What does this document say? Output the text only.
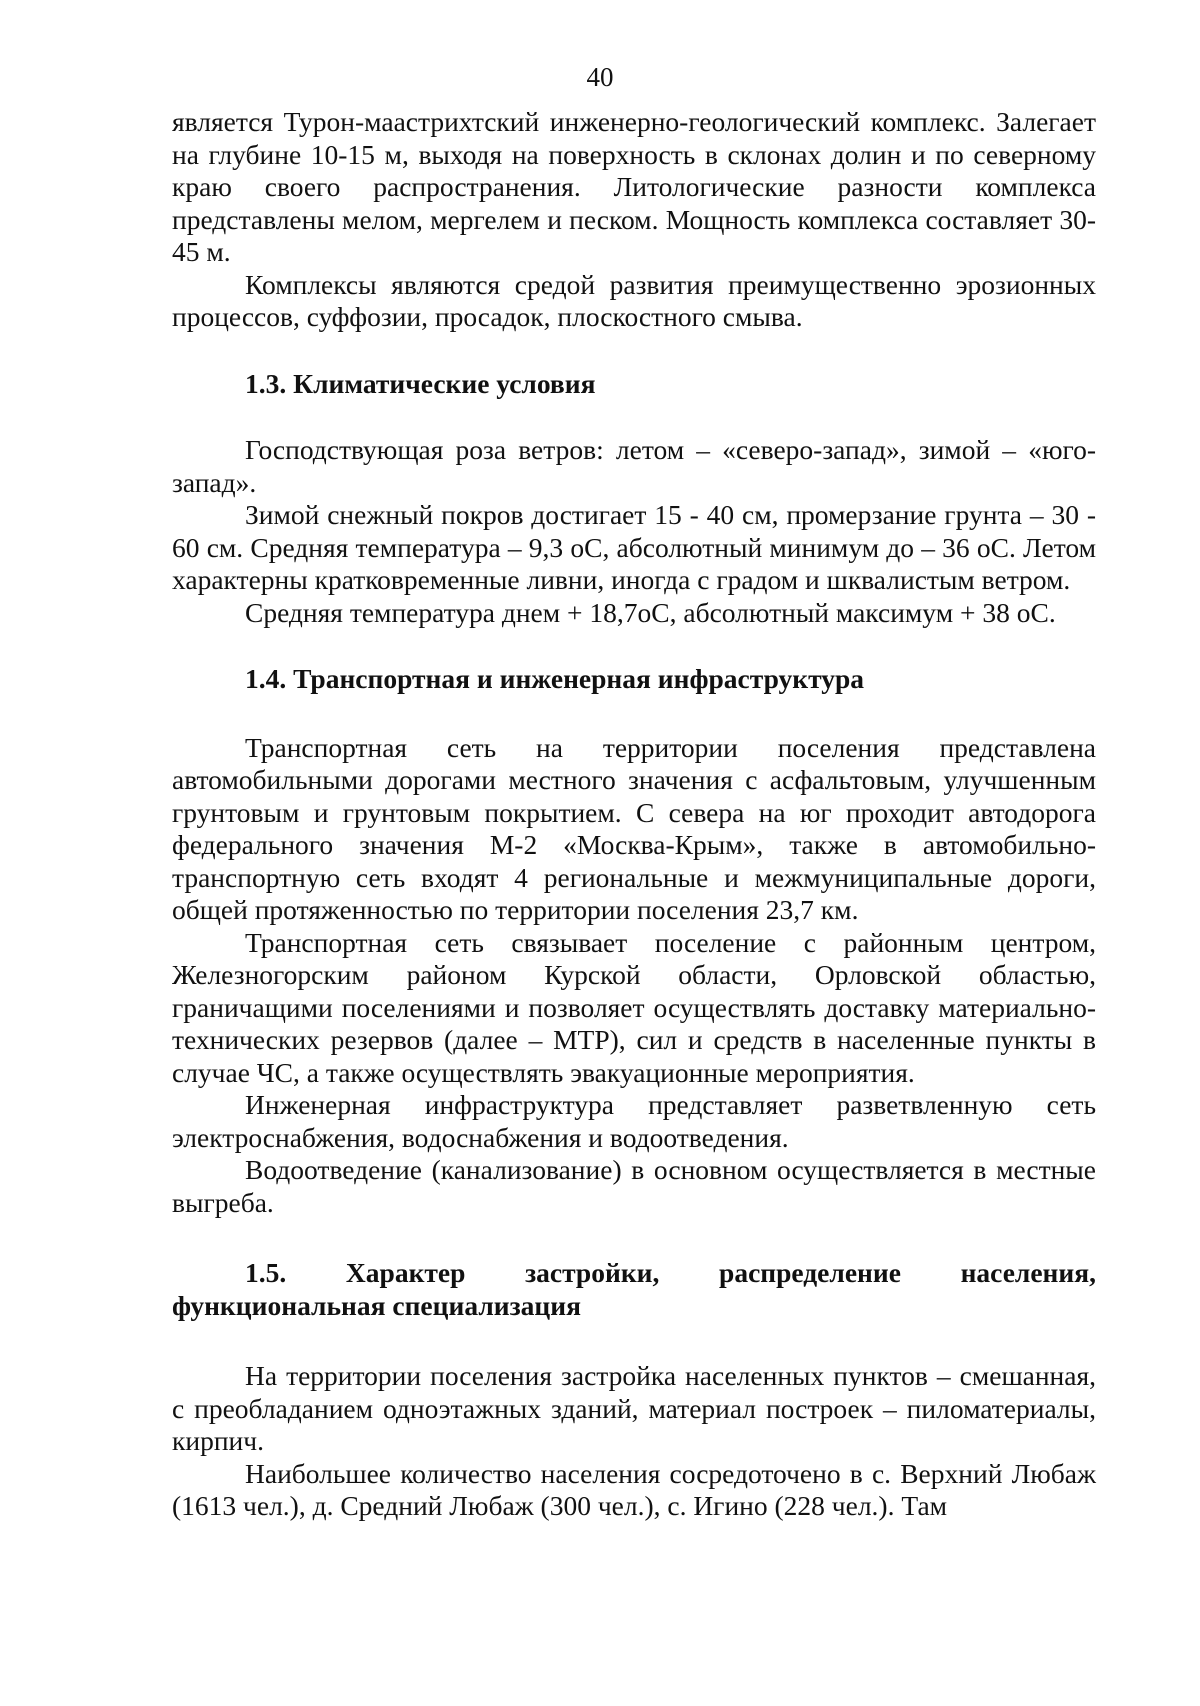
40

является Турон-маастрихтский инженерно-геологический комплекс. Залегает на глубине 10-15 м, выходя на поверхность в склонах долин и по северному краю своего распространения. Литологические разности комплекса представлены мелом, мергелем и песком. Мощность комплекса составляет 30-45 м.

Комплексы являются средой развития преимущественно эрозионных процессов, суффозии, просадок, плоскостного смыва.

1.3. Климатические условия

Господствующая роза ветров: летом – «северо-запад», зимой – «юго-запад».

Зимой снежный покров достигает 15 - 40 см, промерзание грунта – 30 - 60 см. Средняя температура – 9,3 оС, абсолютный минимум до – 36 оС. Летом характерны кратковременные ливни, иногда с градом и шквалистым ветром.

Средняя температура днем + 18,7оС, абсолютный максимум + 38 оС.

1.4. Транспортная и инженерная инфраструктура

Транспортная сеть на территории поселения представлена автомобильными дорогами местного значения с асфальтовым, улучшенным грунтовым и грунтовым покрытием. С севера на юг проходит автодорога федерального значения М-2 «Москва-Крым», также в автомобильно-транспортную сеть входят 4 региональные и межмуниципальные дороги, общей протяженностью по территории поселения 23,7 км.

Транспортная сеть связывает поселение с районным центром, Железногорским районом Курской области, Орловской областью, граничащими поселениями и позволяет осуществлять доставку материально-технических резервов (далее – МТР), сил и средств в населенные пункты в случае ЧС, а также осуществлять эвакуационные мероприятия.

Инженерная инфраструктура представляет разветвленную сеть электроснабжения, водоснабжения и водоотведения.

Водоотведение (канализование) в основном осуществляется в местные выгреба.

1.5. Характер застройки, распределение населения, функциональная специализация

На территории поселения застройка населенных пунктов – смешанная, с преобладанием одноэтажных зданий, материал построек – пиломатериалы, кирпич.

Наибольшее количество населения сосредоточено в с. Верхний Любаж (1613 чел.), д. Средний Любаж (300 чел.), с. Игино (228 чел.). Там
